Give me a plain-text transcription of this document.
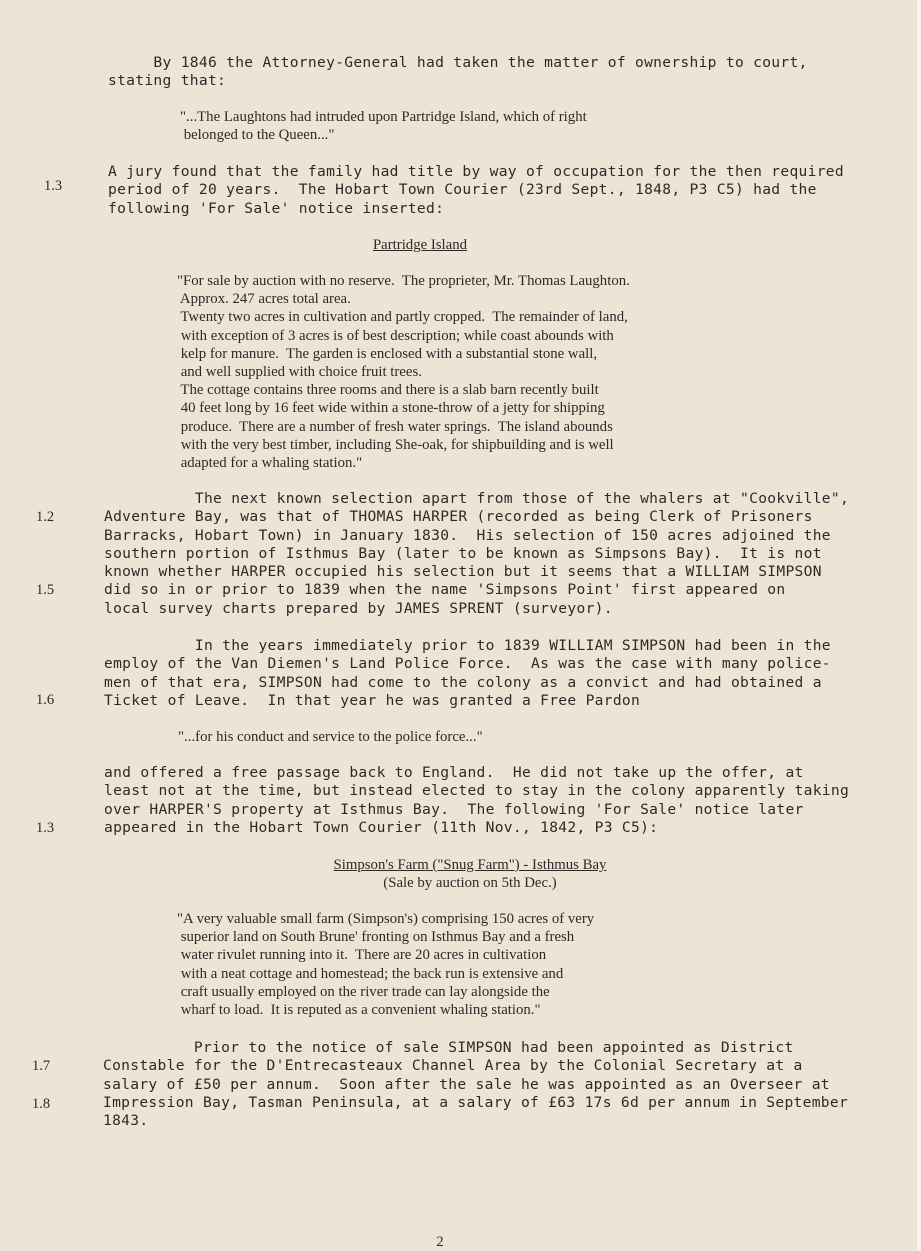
By 1846 the Attorney-General had taken the matter of ownership to court,
stating that:

"...The Laughtons had intruded upon Partridge Island, which of right
belonged to the Queen..."

1.3

A jury found that the family had title by way of occupation for the then required
period of 20 years.  The Hobart Town Courier (23rd Sept., 1848, P3 C5) had the
following 'For Sale' notice inserted:

Partridge Island

"For sale by auction with no reserve.  The proprieter, Mr. Thomas Laughton.
Approx. 247 acres total area.
Twenty two acres in cultivation and partly cropped.  The remainder of land,
with exception of 3 acres is of best description; while coast abounds with
kelp for manure.  The garden is enclosed with a substantial stone wall,
and well supplied with choice fruit trees.
The cottage contains three rooms and there is a slab barn recently built
40 feet long by 16 feet wide within a stone-throw of a jetty for shipping
produce.  There are a number of fresh water springs.  The island abounds
with the very best timber, including She-oak, for shipbuilding and is well
adapted for a whaling station."

1.2

1.5

The next known selection apart from those of the whalers at "Cookville",
Adventure Bay, was that of THOMAS HARPER (recorded as being Clerk of Prisoners
Barracks, Hobart Town) in January 1830.  His selection of 150 acres adjoined the
southern portion of Isthmus Bay (later to be known as Simpsons Bay).  It is not
known whether HARPER occupied his selection but it seems that a WILLIAM SIMPSON
did so in or prior to 1839 when the name 'Simpsons Point' first appeared on
local survey charts prepared by JAMES SPRENT (surveyor).

1.6

In the years immediately prior to 1839 WILLIAM SIMPSON had been in the
employ of the Van Diemen's Land Police Force.  As was the case with many police-
men of that era, SIMPSON had come to the colony as a convict and had obtained a
Ticket of Leave.  In that year he was granted a Free Pardon

"...for his conduct and service to the police force..."

1.3

and offered a free passage back to England.  He did not take up the offer, at
least not at the time, but instead elected to stay in the colony apparently taking
over HARPER'S property at Isthmus Bay.  The following 'For Sale' notice later
appeared in the Hobart Town Courier (11th Nov., 1842, P3 C5):

Simpson's Farm ("Snug Farm") - Isthmus Bay

(Sale by auction on 5th Dec.)

"A very valuable small farm (Simpson's) comprising 150 acres of very
superior land on South Brune' fronting on Isthmus Bay and a fresh
water rivulet running into it.  There are 20 acres in cultivation
with a neat cottage and homestead; the back run is extensive and
craft usually employed on the river trade can lay alongside the
wharf to load.  It is reputed as a convenient whaling station."

1.7

1.8

Prior to the notice of sale SIMPSON had been appointed as District
Constable for the D'Entrecasteaux Channel Area by the Colonial Secretary at a
salary of £50 per annum.  Soon after the sale he was appointed as an Overseer at
Impression Bay, Tasman Peninsula, at a salary of £63 17s 6d per annum in September
1843.

2
